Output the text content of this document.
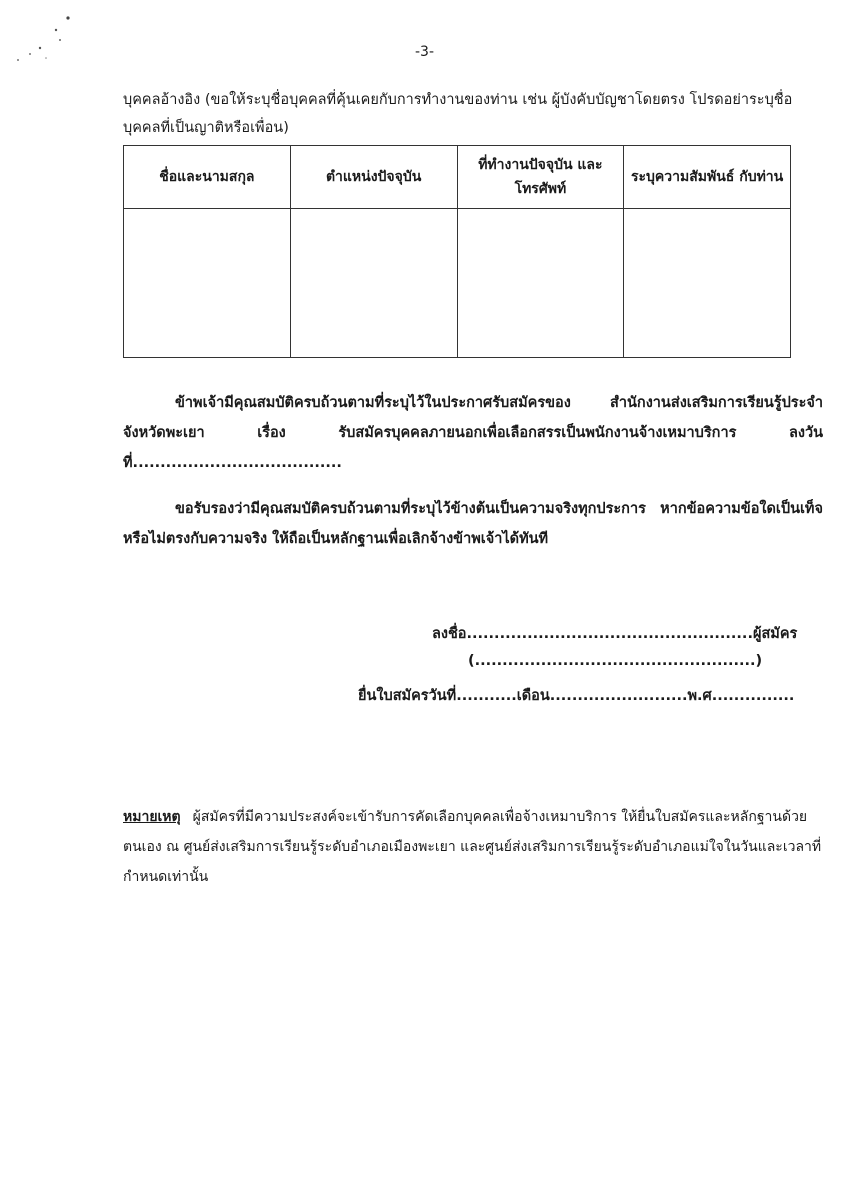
-3-
บุคคลอ้างอิง (ขอให้ระบุชื่อบุคคลที่คุ้นเคยกับการทำงานของท่าน เช่น ผู้บังคับบัญชาโดยตรง โปรดอย่าระบุชื่อบุคคลที่เป็นญาติหรือเพื่อน)
ชื่อและนามสกุล	ตำแหน่งปัจจุบัน	ที่ทำงานปัจจุบัน และโทรศัพท์	ระบุความสัมพันธ์ กับท่าน

ข้าพเจ้ามีคุณสมบัติครบถ้วนตามที่ระบุไว้ในประกาศรับสมัครของ สำนักงานส่งเสริมการเรียนรู้ประจำจังหวัดพะเยา เรื่อง รับสมัครบุคคลภายนอกเพื่อเลือกสรรเป็นพนักงานจ้างเหมาบริการ ลงวันที่......................................
ขอรับรองว่ามีคุณสมบัติครบถ้วนตามที่ระบุไว้ข้างต้นเป็นความจริงทุกประการ หากข้อความข้อใดเป็นเท็จหรือไม่ตรงกับความจริง ให้ถือเป็นหลักฐานเพื่อเลิกจ้างข้าพเจ้าได้ทันที
ลงชื่อ....................................................ผู้สมัคร
(...................................................)
ยื่นใบสมัครวันที่...........เดือน.........................พ.ศ...............
หมายเหตุ ผู้สมัครที่มีความประสงค์จะเข้ารับการคัดเลือกบุคคลเพื่อจ้างเหมาบริการ ให้ยื่นใบสมัครและหลักฐานด้วยตนเอง ณ ศูนย์ส่งเสริมการเรียนรู้ระดับอำเภอเมืองพะเยา และศูนย์ส่งเสริมการเรียนรู้ระดับอำเภอแม่ใจในวันและเวลาที่กำหนดเท่านั้น
